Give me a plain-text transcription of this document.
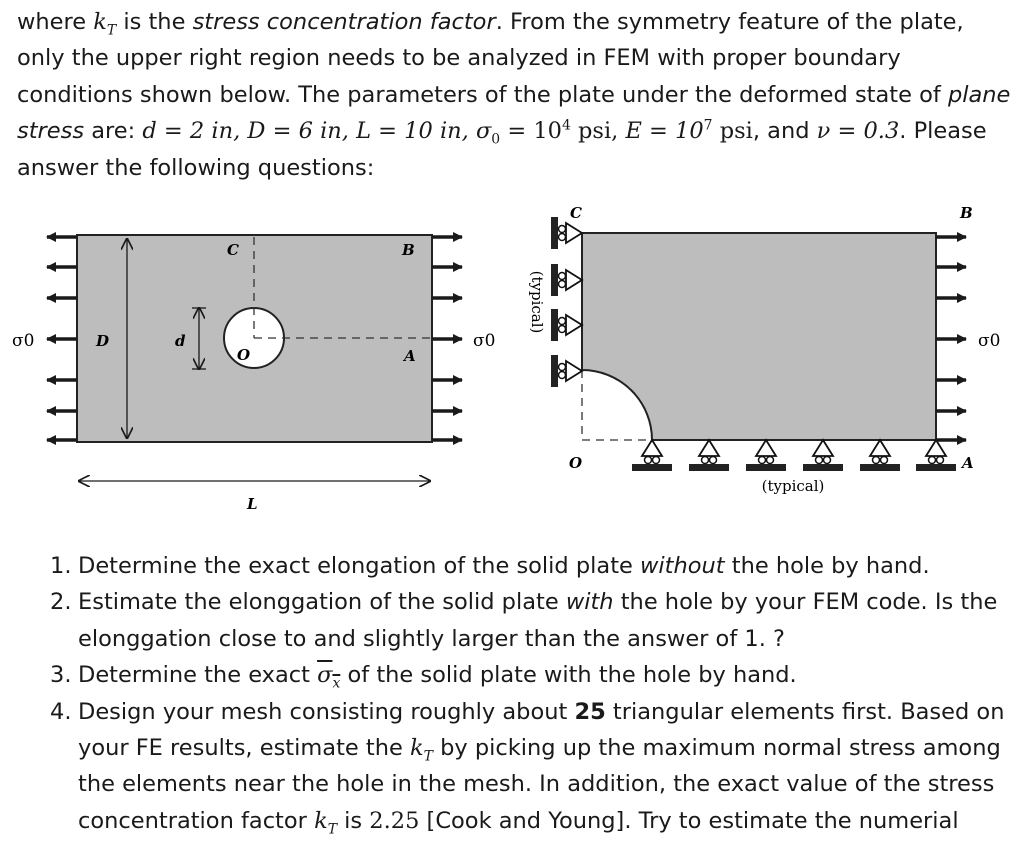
where $k_T$ is the stress concentration factor. From the symmetry feature of the plate, only the upper right region needs to be analyzed in FEM with proper boundary conditions shown below. The parameters of the plate under the deformed state of plane stress are: d = 2 in, D = 6 in, L = 10 in, $\sigma_0 = 10^4$ psi, $E = 10^7$ psi, and ν = 0.3. Please answer the following questions:
σ0	D	d
C	B
O	A
L
σ0
C	B
A
O
σ0
(typical)
(typical)
1. Determine the exact elongation of the solid plate without the hole by hand.
2. Estimate the elonggation of the solid plate with the hole by your FEM code. Is the elonggation close to and slightly larger than the answer of 1. ?
3. Determine the exact $\sigma_x$ of the solid plate with the hole by hand.
4. Design your mesh consisting roughly about 25 triangular elements first. Based on your FE results, estimate the $k_T$ by picking up the maximum normal stress among the elements near the hole in the mesh. In addition, the exact value of the stress concentration factor $k_T$ is 2.25 [Cook and Young]. Try to estimate the numerial
